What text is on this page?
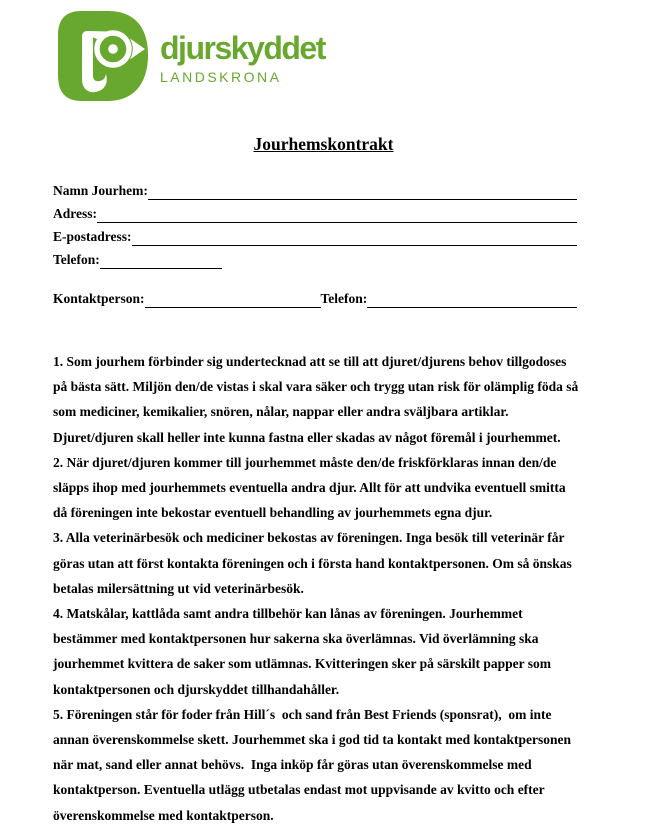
djurskyddet
LANDSKRONA
Jourhemskontrakt
Namn Jourhem:
Adress:
E-postadress:
Telefon:
Kontaktperson:	Telefon:

1. Som jourhem förbinder sig undertecknad att se till att djuret/djurens behov tillgodoses på bästa sätt. Miljön den/de vistas i skal vara säker och trygg utan risk för olämplig föda så som mediciner, kemikalier, snören, nålar, nappar eller andra sväljbara artiklar. Djuret/djuren skall heller inte kunna fastna eller skadas av något föremål i jourhemmet.

2. När djuret/djuren kommer till jourhemmet måste den/de friskförklaras innan den/de släpps ihop med jourhemmets eventuella andra djur. Allt för att undvika eventuell smitta då föreningen inte bekostar eventuell behandling av jourhemmets egna djur.

3. Alla veterinärbesök och mediciner bekostas av föreningen. Inga besök till veterinär får göras utan att först kontakta föreningen och i första hand kontaktpersonen. Om så önskas betalas milersättning ut vid veterinärbesök.

4. Matskålar, kattlåda samt andra tillbehör kan lånas av föreningen. Jourhemmet bestämmer med kontaktpersonen hur sakerna ska överlämnas. Vid överlämning ska jourhemmet kvittera de saker som utlämnas. Kvitteringen sker på särskilt papper som kontaktpersonen och djurskyddet tillhandahåller.

5. Föreningen står för foder från Hill´s  och sand från Best Friends (sponsrat),  om inte annan överenskommelse skett. Jourhemmet ska i god tid ta kontakt med kontaktpersonen när mat, sand eller annat behövs.  Inga inköp får göras utan överenskommelse med kontaktperson. Eventuella utlägg utbetalas endast mot uppvisande av kvitto och efter överenskommelse med kontaktperson.
